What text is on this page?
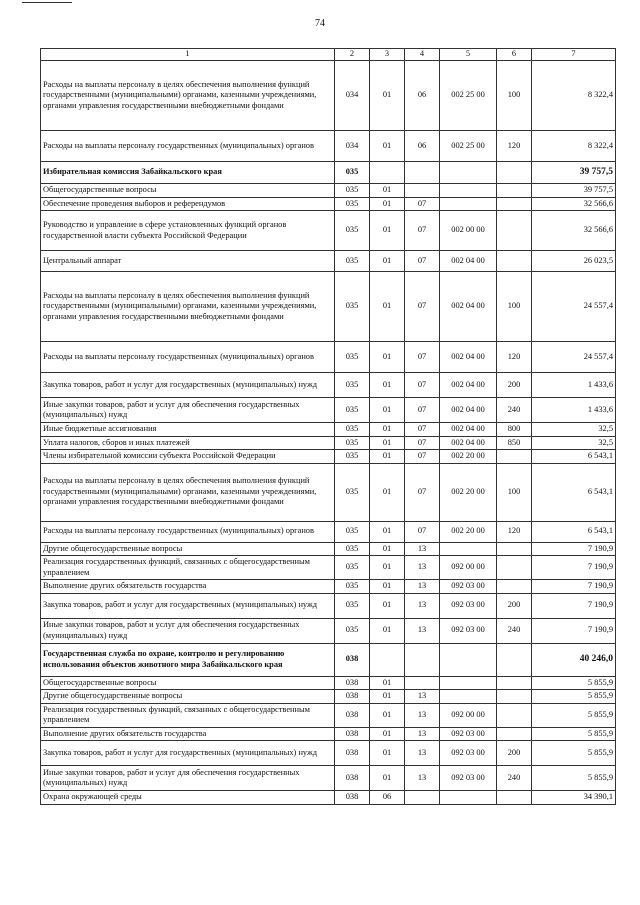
74
1	2	3	4	5	6	7
Расходы на выплаты персоналу в целях обеспечения выполнения функций государственными (муниципальными) органами, казенными учреждениями, органами управления государственными внебюджетными фондами	034	01	06	002 25 00	100	8 322,4
Расходы на выплаты персоналу государственных (муниципальных) органов	034	01	06	002 25 00	120	8 322,4
Избирательная комиссия Забайкальского края	035					39 757,5
Общегосударственные вопросы	035	01				39 757,5
Обеспечение проведения выборов и референдумов	035	01	07			32 566,6
Руководство и управление в сфере установленных функций органов государственной власти субъекта Российской Федерации	035	01	07	002 00 00		32 566,6
Центральный аппарат	035	01	07	002 04 00		26 023,5
Расходы на выплаты персоналу в целях обеспечения выполнения функций государственными (муниципальными) органами, казенными учреждениями, органами управления государственными внебюджетными фондами	035	01	07	002 04 00	100	24 557,4
Расходы на выплаты персоналу государственных (муниципальных) органов	035	01	07	002 04 00	120	24 557,4
Закупка товаров, работ и услуг для государственных (муниципальных) нужд	035	01	07	002 04 00	200	1 433,6
Иные закупки товаров, работ и услуг для обеспечения государственных (муниципальных) нужд	035	01	07	002 04 00	240	1 433,6
Иные бюджетные ассигнования	035	01	07	002 04 00	800	32,5
Уплата налогов, сборов и иных платежей	035	01	07	002 04 00	850	32,5
Члены избирательной комиссии субъекта Российской Федерации	035	01	07	002 20 00		6 543,1
Расходы на выплаты персоналу в целях обеспечения выполнения функций государственными (муниципальными) органами, казенными учреждениями, органами управления государственными внебюджетными фондами	035	01	07	002 20 00	100	6 543,1
Расходы на выплаты персоналу государственных (муниципальных) органов	035	01	07	002 20 00	120	6 543,1
Другие общегосударственные вопросы	035	01	13			7 190,9
Реализация государственных функций, связанных с общегосударственным управлением	035	01	13	092 00 00		7 190,9
Выполнение других обязательств государства	035	01	13	092 03 00		7 190,9
Закупка товаров, работ и услуг для государственных (муниципальных) нужд	035	01	13	092 03 00	200	7 190,9
Иные закупки товаров, работ и услуг для обеспечения государственных (муниципальных) нужд	035	01	13	092 03 00	240	7 190,9
Государственная служба по охране, контролю и регулированию использования объектов животного мира Забайкальского края	038					40 246,0
Общегосударственные вопросы	038	01				5 855,9
Другие общегосударственные вопросы	038	01	13			5 855,9
Реализация государственных функций, связанных с общегосударственным управлением	038	01	13	092 00 00		5 855,9
Выполнение других обязательств государства	038	01	13	092 03 00		5 855,9
Закупка товаров, работ и услуг для государственных (муниципальных) нужд	038	01	13	092 03 00	200	5 855,9
Иные закупки товаров, работ и услуг для обеспечения государственных (муниципальных) нужд	038	01	13	092 03 00	240	5 855,9
Охрана окружающей среды	038	06				34 390,1
